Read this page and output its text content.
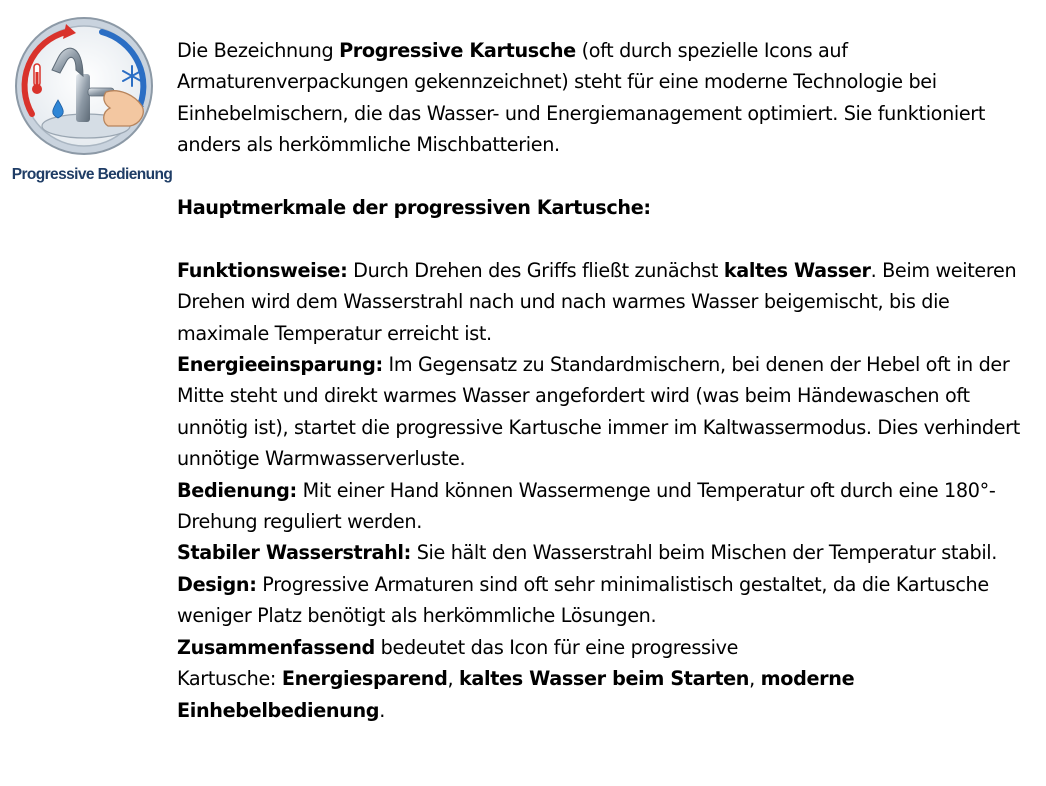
Progressive Bedienung

Die Bezeichnung Progressive Kartusche (oft durch spezielle Icons auf Armaturenverpackungen gekennzeichnet) steht für eine moderne Technologie bei Einhebelmischern, die das Wasser- und Energiemanagement optimiert. Sie funktioniert anders als herkömmliche Mischbatterien.

Hauptmerkmale der progressiven Kartusche:

Funktionsweise: Durch Drehen des Griffs fließt zunächst kaltes Wasser. Beim weiteren Drehen wird dem Wasserstrahl nach und nach warmes Wasser beigemischt, bis die maximale Temperatur erreicht ist.

Energieeinsparung: Im Gegensatz zu Standardmischern, bei denen der Hebel oft in der Mitte steht und direkt warmes Wasser angefordert wird (was beim Händewaschen oft unnötig ist), startet die progressive Kartusche immer im Kaltwassermodus. Dies verhindert unnötige Warmwasserverluste.

Bedienung: Mit einer Hand können Wassermenge und Temperatur oft durch eine 180°-Drehung reguliert werden.

Stabiler Wasserstrahl: Sie hält den Wasserstrahl beim Mischen der Temperatur stabil.

Design: Progressive Armaturen sind oft sehr minimalistisch gestaltet, da die Kartusche weniger Platz benötigt als herkömmliche Lösungen.

Zusammenfassend bedeutet das Icon für eine progressive
Kartusche: Energiesparend, kaltes Wasser beim Starten, moderne Einhebelbedienung.
